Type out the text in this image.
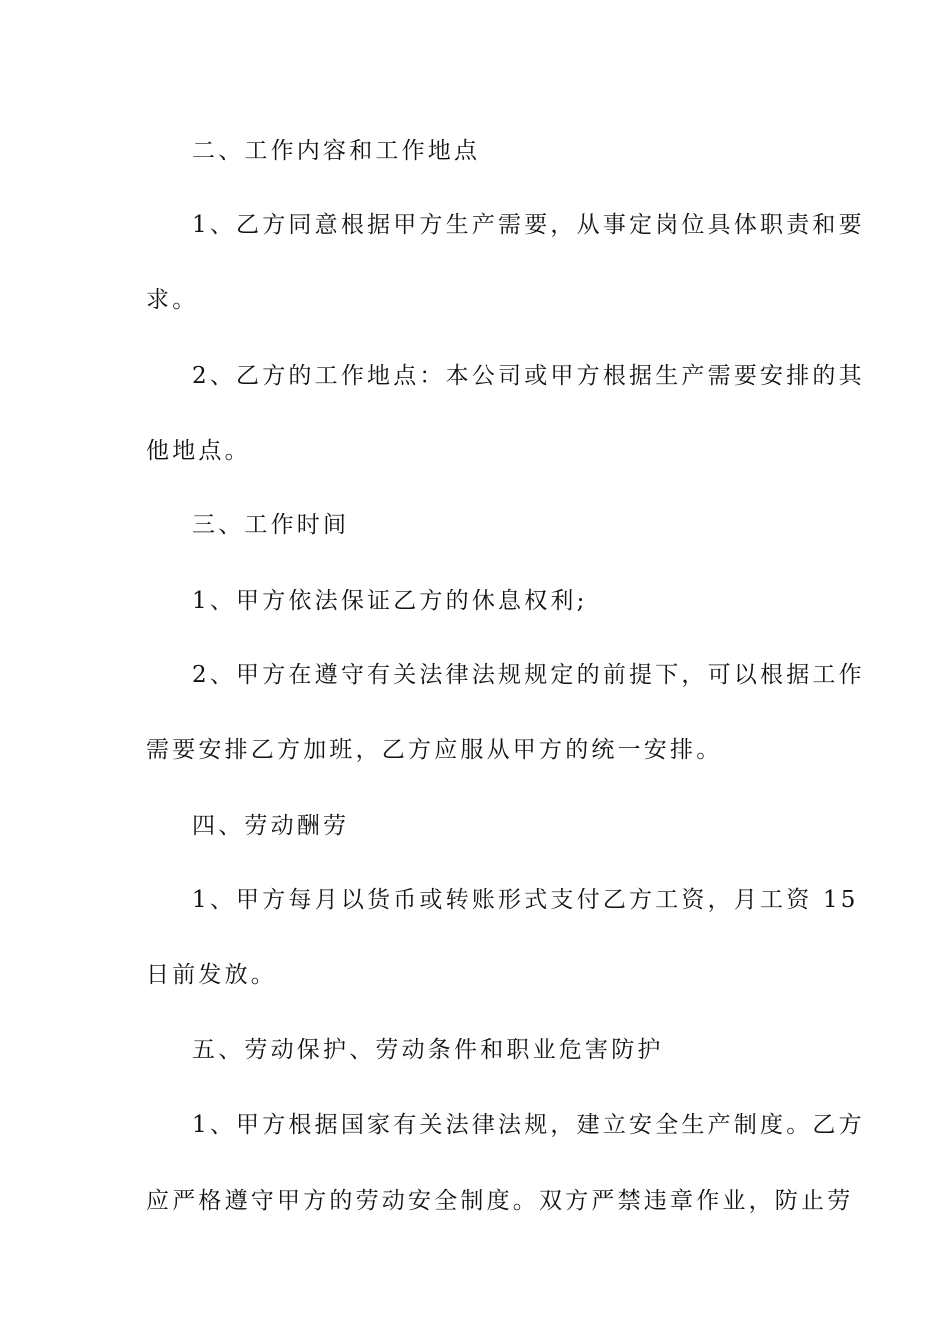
二、工作内容和工作地点
1、乙方同意根据甲方生产需要，从事定岗位具体职责和要
求。
2、乙方的工作地点：本公司或甲方根据生产需要安排的其
他地点。
三、工作时间
1、甲方依法保证乙方的休息权利;
2、甲方在遵守有关法律法规规定的前提下，可以根据工作
需要安排乙方加班，乙方应服从甲方的统一安排。
四、劳动酬劳
1、甲方每月以货币或转账形式支付乙方工资，月工资 15
日前发放。
五、劳动保护、劳动条件和职业危害防护
1、甲方根据国家有关法律法规，建立安全生产制度。乙方
应严格遵守甲方的劳动安全制度。双方严禁违章作业，防止劳
